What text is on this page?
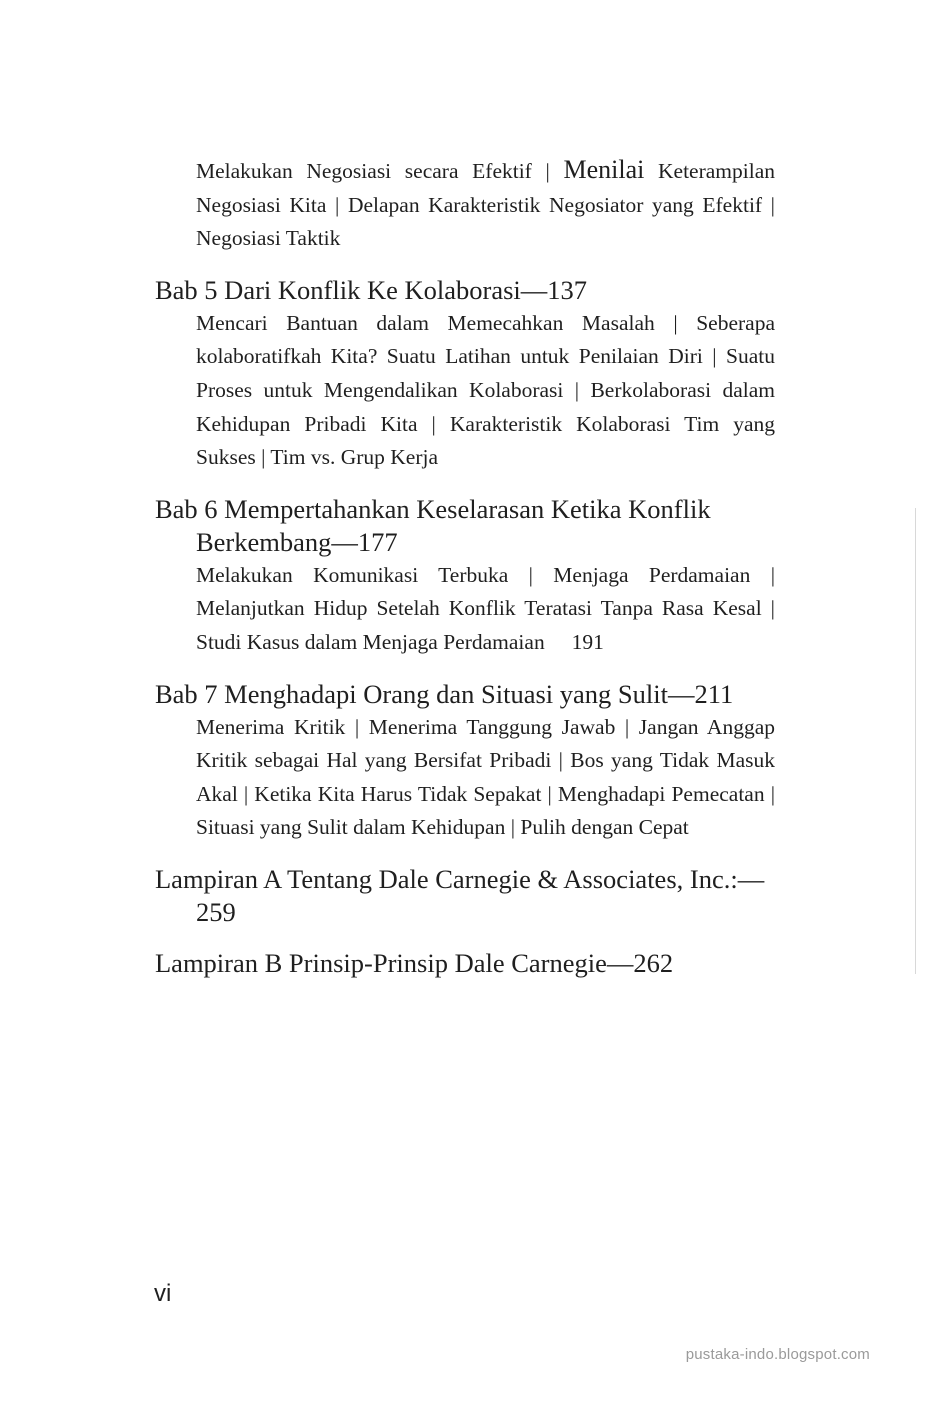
Melakukan Negosiasi secara Efektif | Menilai Keterampilan Negosiasi Kita | Delapan Karakteristik Negosiator yang Efektif | Negosiasi Taktik

Bab 5 Dari Konflik Ke Kolaborasi—137

Mencari Bantuan dalam Memecahkan Masalah | Seberapa kolaboratifkah Kita? Suatu Latihan untuk Penilaian Diri | Suatu Proses untuk Mengendalikan Kolaborasi | Berkolaborasi dalam Kehidupan Pribadi Kita | Karakteristik Kolaborasi Tim yang Sukses | Tim vs. Grup Kerja

Bab 6 Mempertahankan Keselarasan Ketika Konflik Berkembang—177

Melakukan Komunikasi Terbuka | Menjaga Perdamaian | Melanjutkan Hidup Setelah Konflik Teratasi Tanpa Rasa Kesal | Studi Kasus dalam Menjaga Perdamaian     191

Bab 7 Menghadapi Orang dan Situasi yang Sulit—211

Menerima Kritik | Menerima Tanggung Jawab | Jangan Anggap Kritik sebagai Hal yang Bersifat Pribadi | Bos yang Tidak Masuk Akal | Ketika Kita Harus Tidak Sepakat | Menghadapi Pemecatan | Situasi yang Sulit dalam Kehidupan | Pulih dengan Cepat

Lampiran A Tentang Dale Carnegie & Associates, Inc.:—259

Lampiran B Prinsip-Prinsip Dale Carnegie—262

vi
pustaka-indo.blogspot.com
